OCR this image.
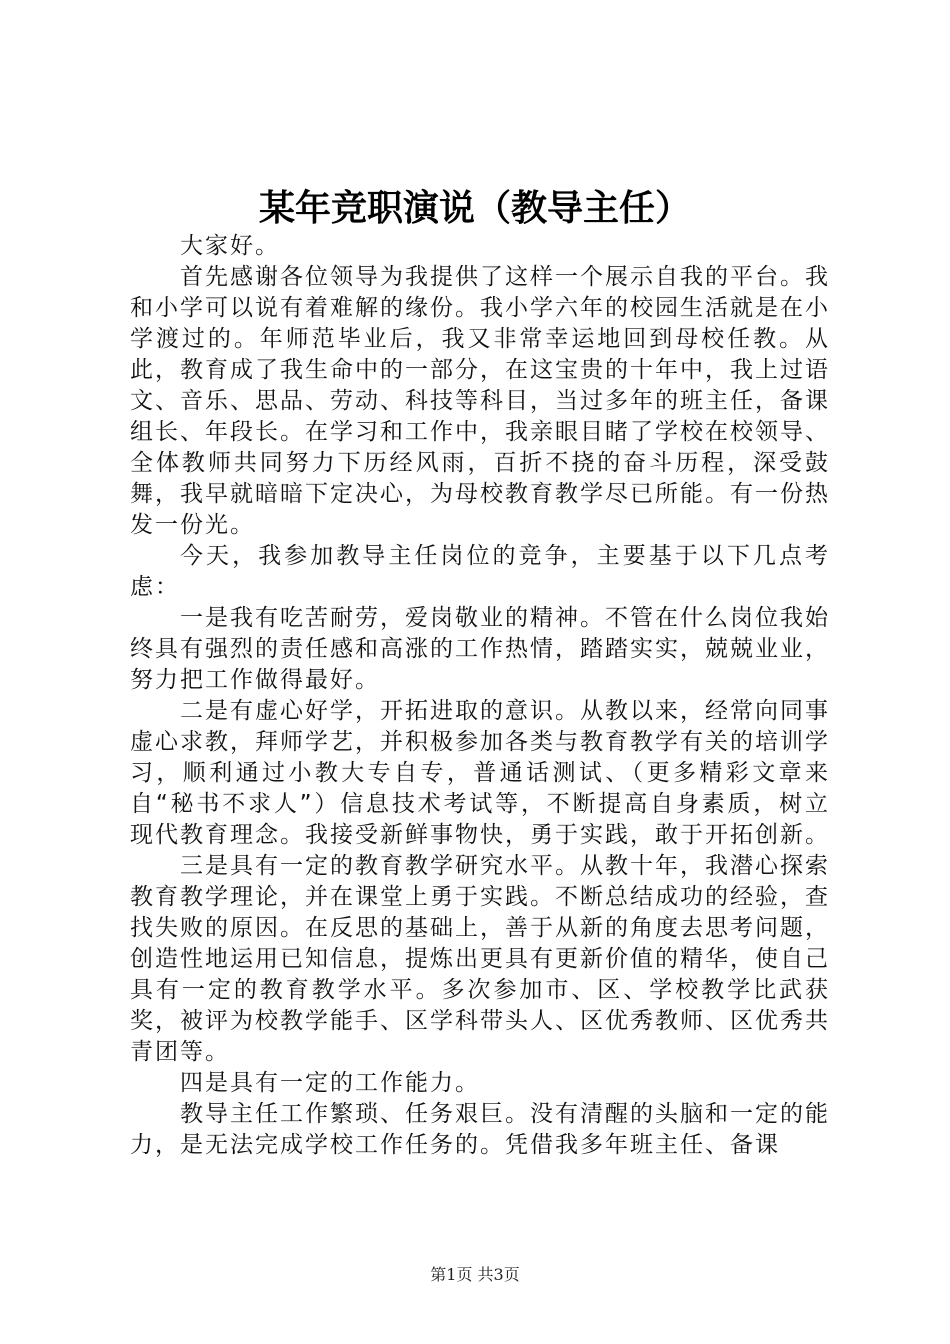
某年竞职演说（教导主任）

大家好。

首先感谢各位领导为我提供了这样一个展示自我的平台。我和小学可以说有着难解的缘份。我小学六年的校园生活就是在小学渡过的。年师范毕业后，我又非常幸运地回到母校任教。从此，教育成了我生命中的一部分，在这宝贵的十年中，我上过语文、音乐、思品、劳动、科技等科目，当过多年的班主任，备课组长、年段长。在学习和工作中，我亲眼目睹了学校在校领导、全体教师共同努力下历经风雨，百折不挠的奋斗历程，深受鼓舞，我早就暗暗下定决心，为母校教育教学尽已所能。有一份热发一份光。

今天，我参加教导主任岗位的竞争，主要基于以下几点考虑：

一是我有吃苦耐劳，爱岗敬业的精神。不管在什么岗位我始终具有强烈的责任感和高涨的工作热情，踏踏实实，兢兢业业，努力把工作做得最好。

二是有虚心好学，开拓进取的意识。从教以来，经常向同事虚心求教，拜师学艺，并积极参加各类与教育教学有关的培训学习，顺利通过小教大专自专，普通话测试、（更多精彩文章来自“秘书不求人”）信息技术考试等，不断提高自身素质，树立现代教育理念。我接受新鲜事物快，勇于实践，敢于开拓创新。

三是具有一定的教育教学研究水平。从教十年，我潜心探索教育教学理论，并在课堂上勇于实践。不断总结成功的经验，查找失败的原因。在反思的基础上，善于从新的角度去思考问题，创造性地运用已知信息，提炼出更具有更新价值的精华，使自己具有一定的教育教学水平。多次参加市、区、学校教学比武获奖，被评为校教学能手、区学科带头人、区优秀教师、区优秀共青团等。

四是具有一定的工作能力。

教导主任工作繁琐、任务艰巨。没有清醒的头脑和一定的能力，是无法完成学校工作任务的。凭借我多年班主任、备课

第1页 共3页
